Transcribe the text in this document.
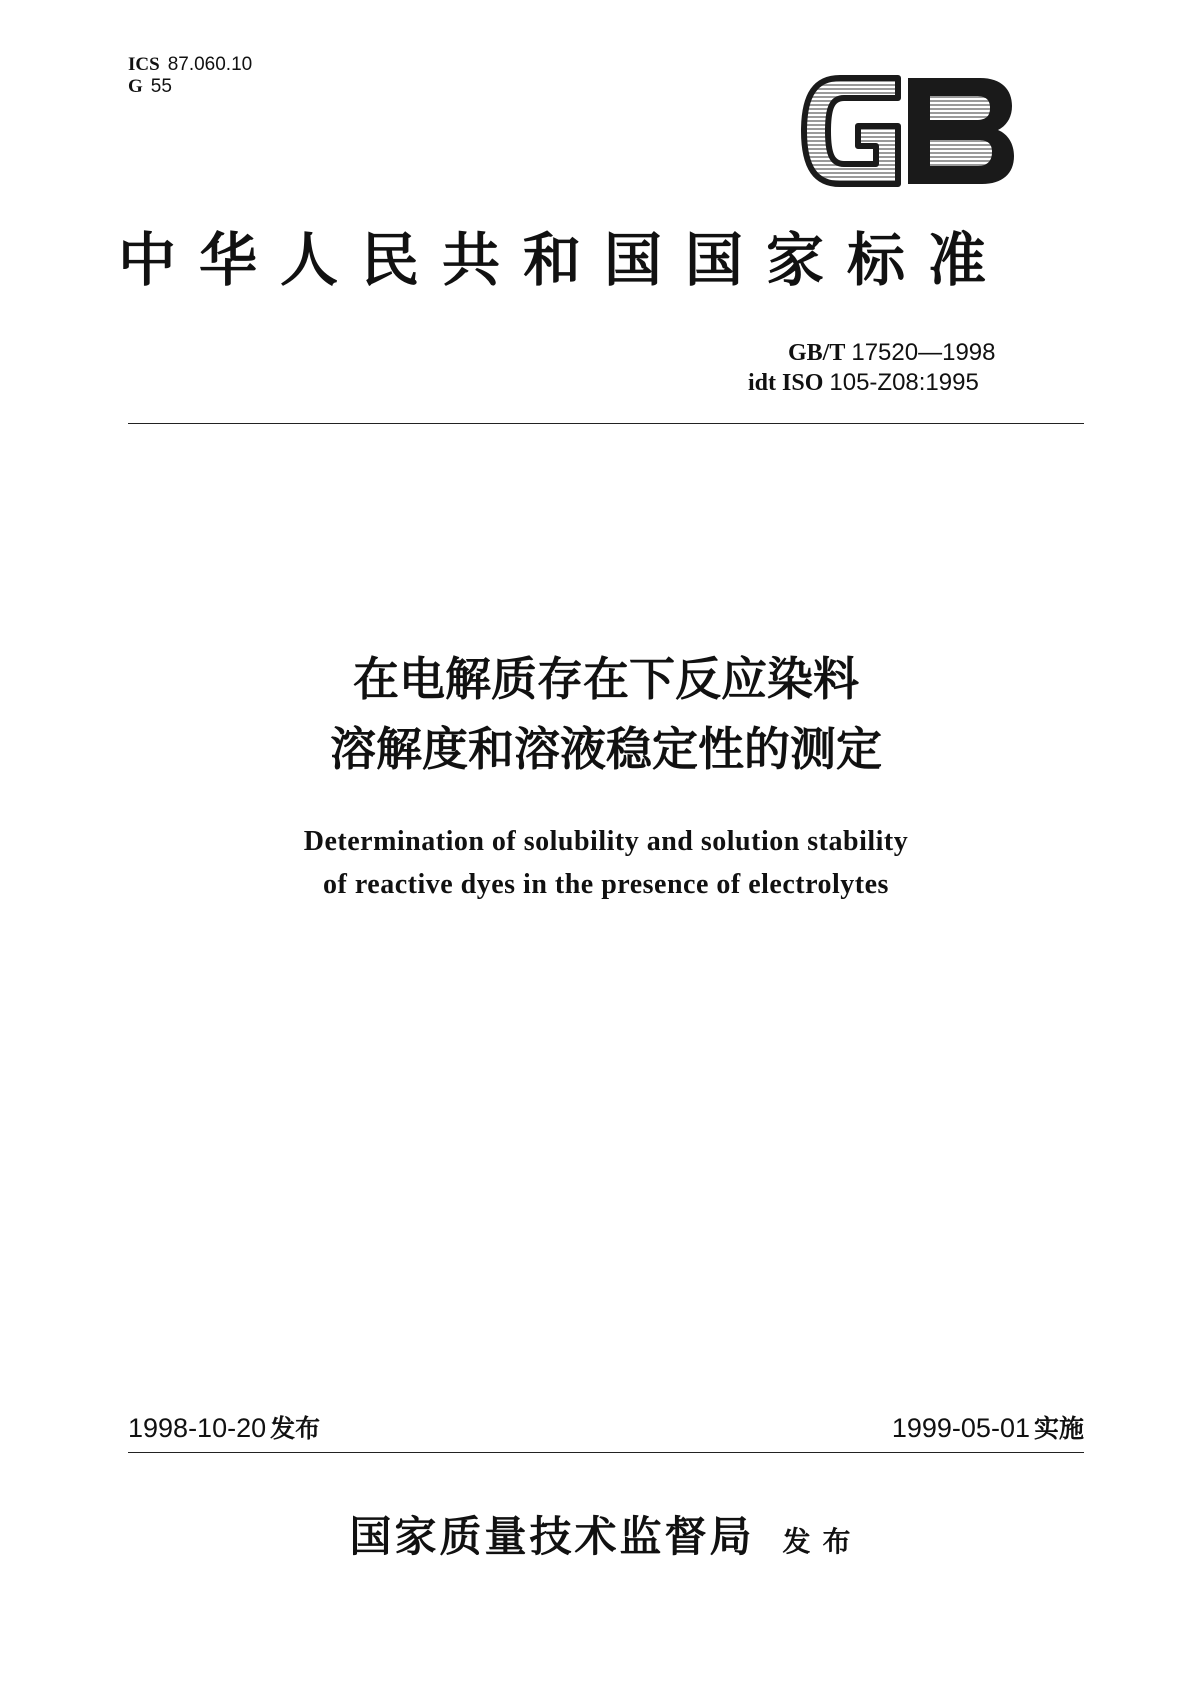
ICS 87.060.10
G 55
中华人民共和国国家标准
GB/T 17520—1998
idt ISO 105-Z08:1995
在电解质存在下反应染料
溶解度和溶液稳定性的测定
Determination of solubility and solution stability
of reactive dyes in the presence of electrolytes
1998-10-20 发布	1999-05-01 实施
国家质量技术监督局 发布
